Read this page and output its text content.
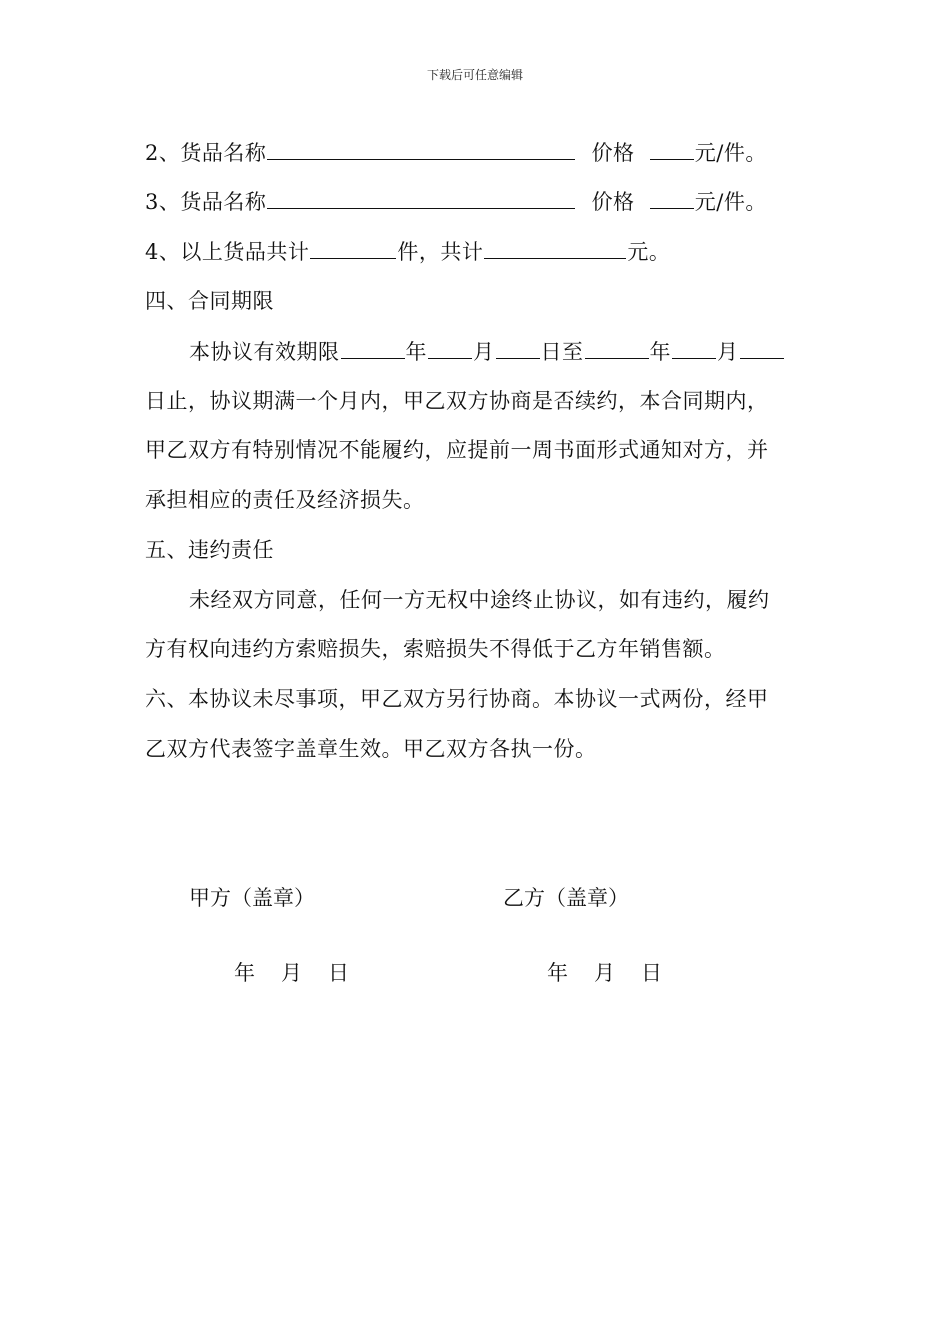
下载后可任意编辑
2、货品名称	价格	元/件。
3、货品名称	价格	元/件。
4、以上货品共计	件，共计	元。
四、合同期限
本协议有效期限	年 月 日至	年 月
日止，协议期满一个月内，甲乙双方协商是否续约，本合同期内，
甲乙双方有特别情况不能履约，应提前一周书面形式通知对方，并
承担相应的责任及经济损失。
五、违约责任
未经双方同意，任何一方无权中途终止协议，如有违约，履约
方有权向违约方索赔损失，索赔损失不得低于乙方年销售额。
六、本协议未尽事项，甲乙双方另行协商。本协议一式两份，经甲
乙双方代表签字盖章生效。甲乙双方各执一份。
甲方（盖章）	乙方（盖章）
年 月 日	年 月 日
